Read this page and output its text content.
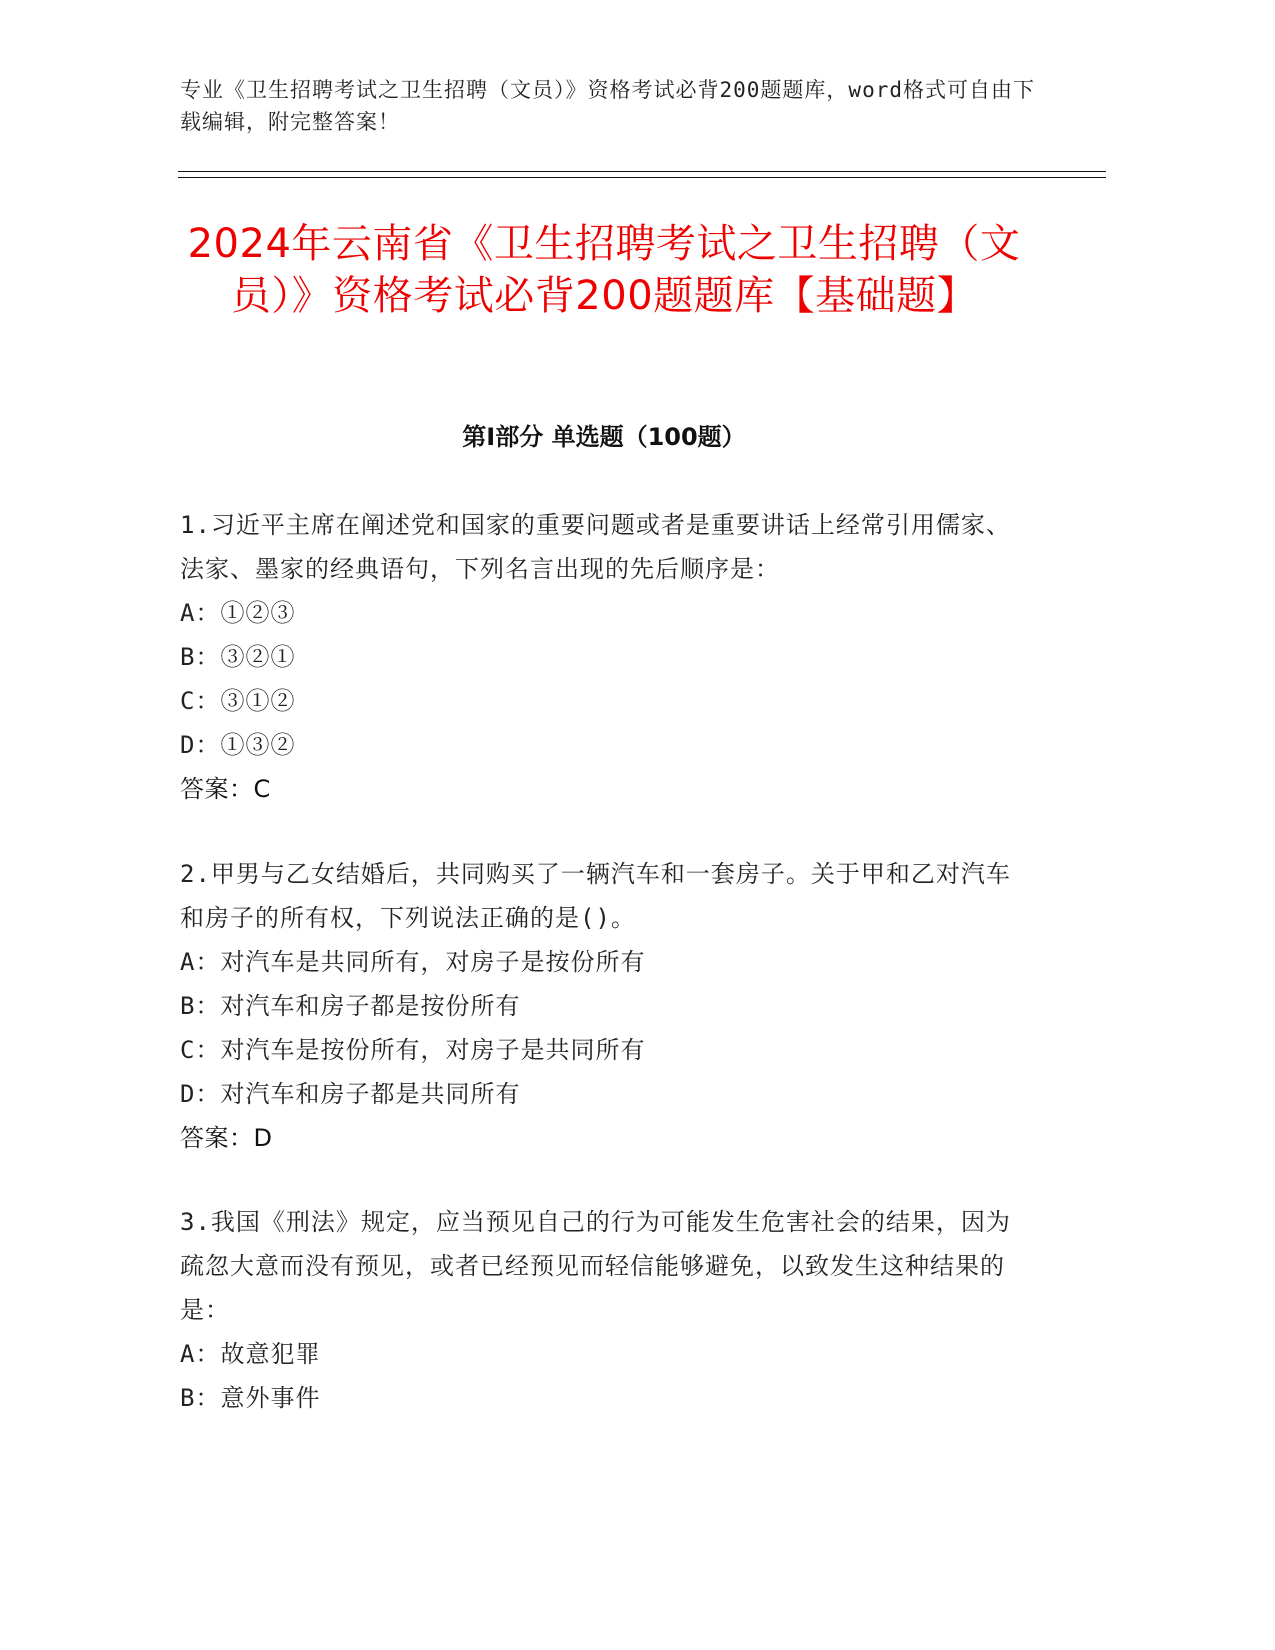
专业《卫生招聘考试之卫生招聘（文员）》资格考试必背200题题库，word格式可自由下载编辑，附完整答案！
2024年云南省《卫生招聘考试之卫生招聘（文员）》资格考试必背200题题库【基础题】
第Ⅰ部分 单选题（100题）

1.习近平主席在阐述党和国家的重要问题或者是重要讲话上经常引用儒家、法家、墨家的经典语句，下列名言出现的先后顺序是：

A：①②③

B：③②①

C：③①②

D：①③②

答案：C

2.甲男与乙女结婚后，共同购买了一辆汽车和一套房子。关于甲和乙对汽车和房子的所有权，下列说法正确的是()。

A：对汽车是共同所有，对房子是按份所有

B：对汽车和房子都是按份所有

C：对汽车是按份所有，对房子是共同所有

D：对汽车和房子都是共同所有

答案：D

3.我国《刑法》规定，应当预见自己的行为可能发生危害社会的结果，因为疏忽大意而没有预见，或者已经预见而轻信能够避免，以致发生这种结果的是：

A：故意犯罪

B：意外事件
